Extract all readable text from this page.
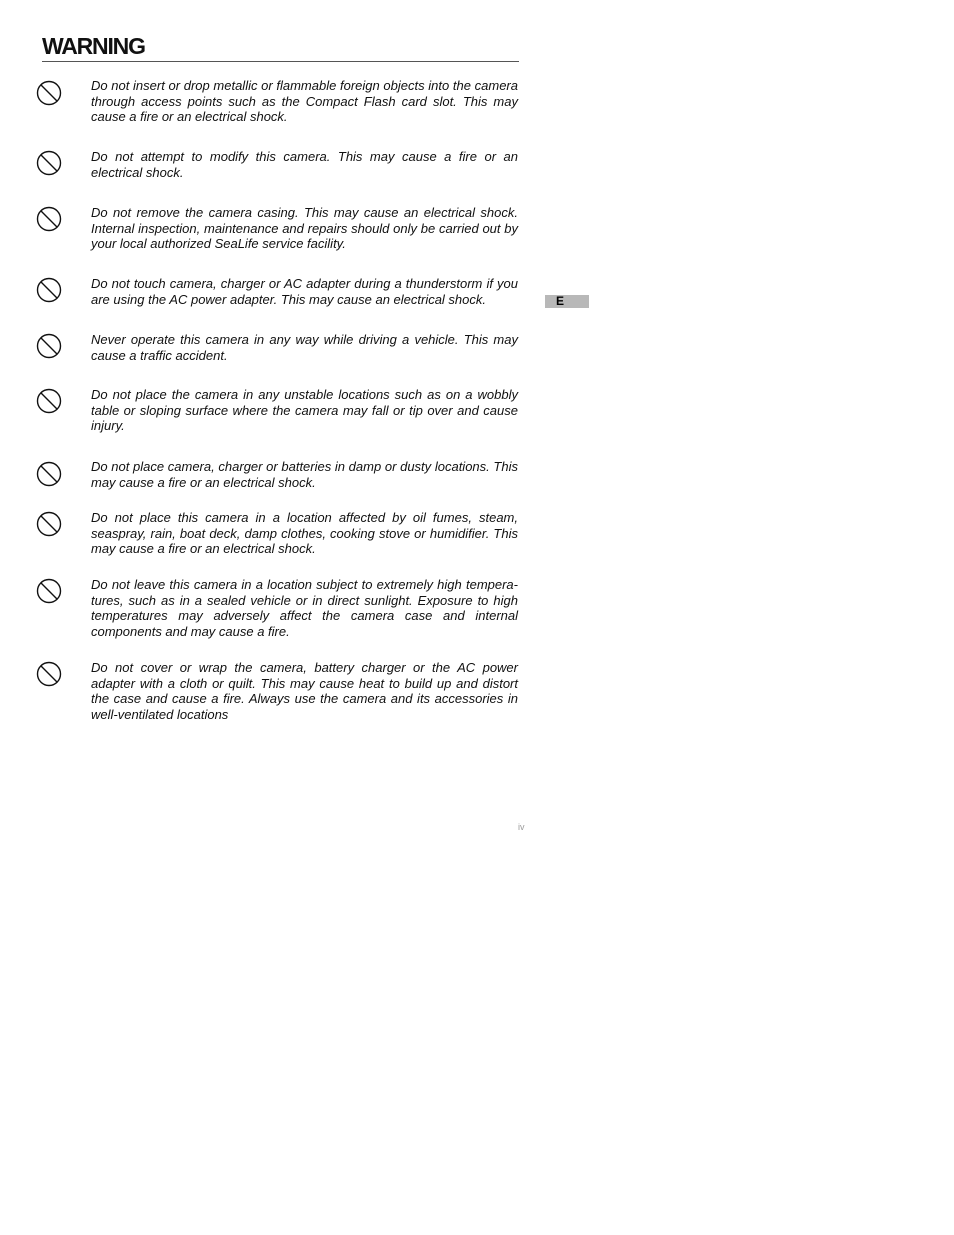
WARNING

Do not insert or drop metallic or flammable foreign objects into the camera through access points such as the Compact Flash card slot. This may cause a fire or an electrical shock.

Do not attempt to modify this camera. This may cause a fire or an electrical shock.

Do not remove the camera casing. This may cause an electrical shock. Internal inspection, maintenance and repairs should only be carried out by your local authorized SeaLife service facility.

Do not touch camera, charger or AC adapter during a thunderstorm if you are using the AC power adapter. This may cause an electrical shock.

Never operate this camera in any way while driving a vehicle. This may cause a traffic accident.

Do not place the camera in any unstable locations such as on a wobbly table or sloping surface where the camera may fall or tip over and cause injury.

Do not place camera, charger or batteries in damp or dusty locations. This may cause a fire or an electrical shock.

Do not place this camera in a location affected by oil fumes, steam, seaspray, rain, boat deck, damp clothes, cooking stove or humidifier. This may cause a fire or an electrical shock.

Do not leave this camera in a location subject to extremely high tempera- tures, such as in a sealed vehicle or in direct sunlight. Exposure to high temperatures may adversely affect the camera case and internal components and may cause a fire.

Do not cover or wrap the camera, battery charger or the AC power adapter with a cloth or quilt. This may cause heat to build up and distort the case and cause a fire. Always use the camera and its accessories in well-ventilated locations

E
iv
